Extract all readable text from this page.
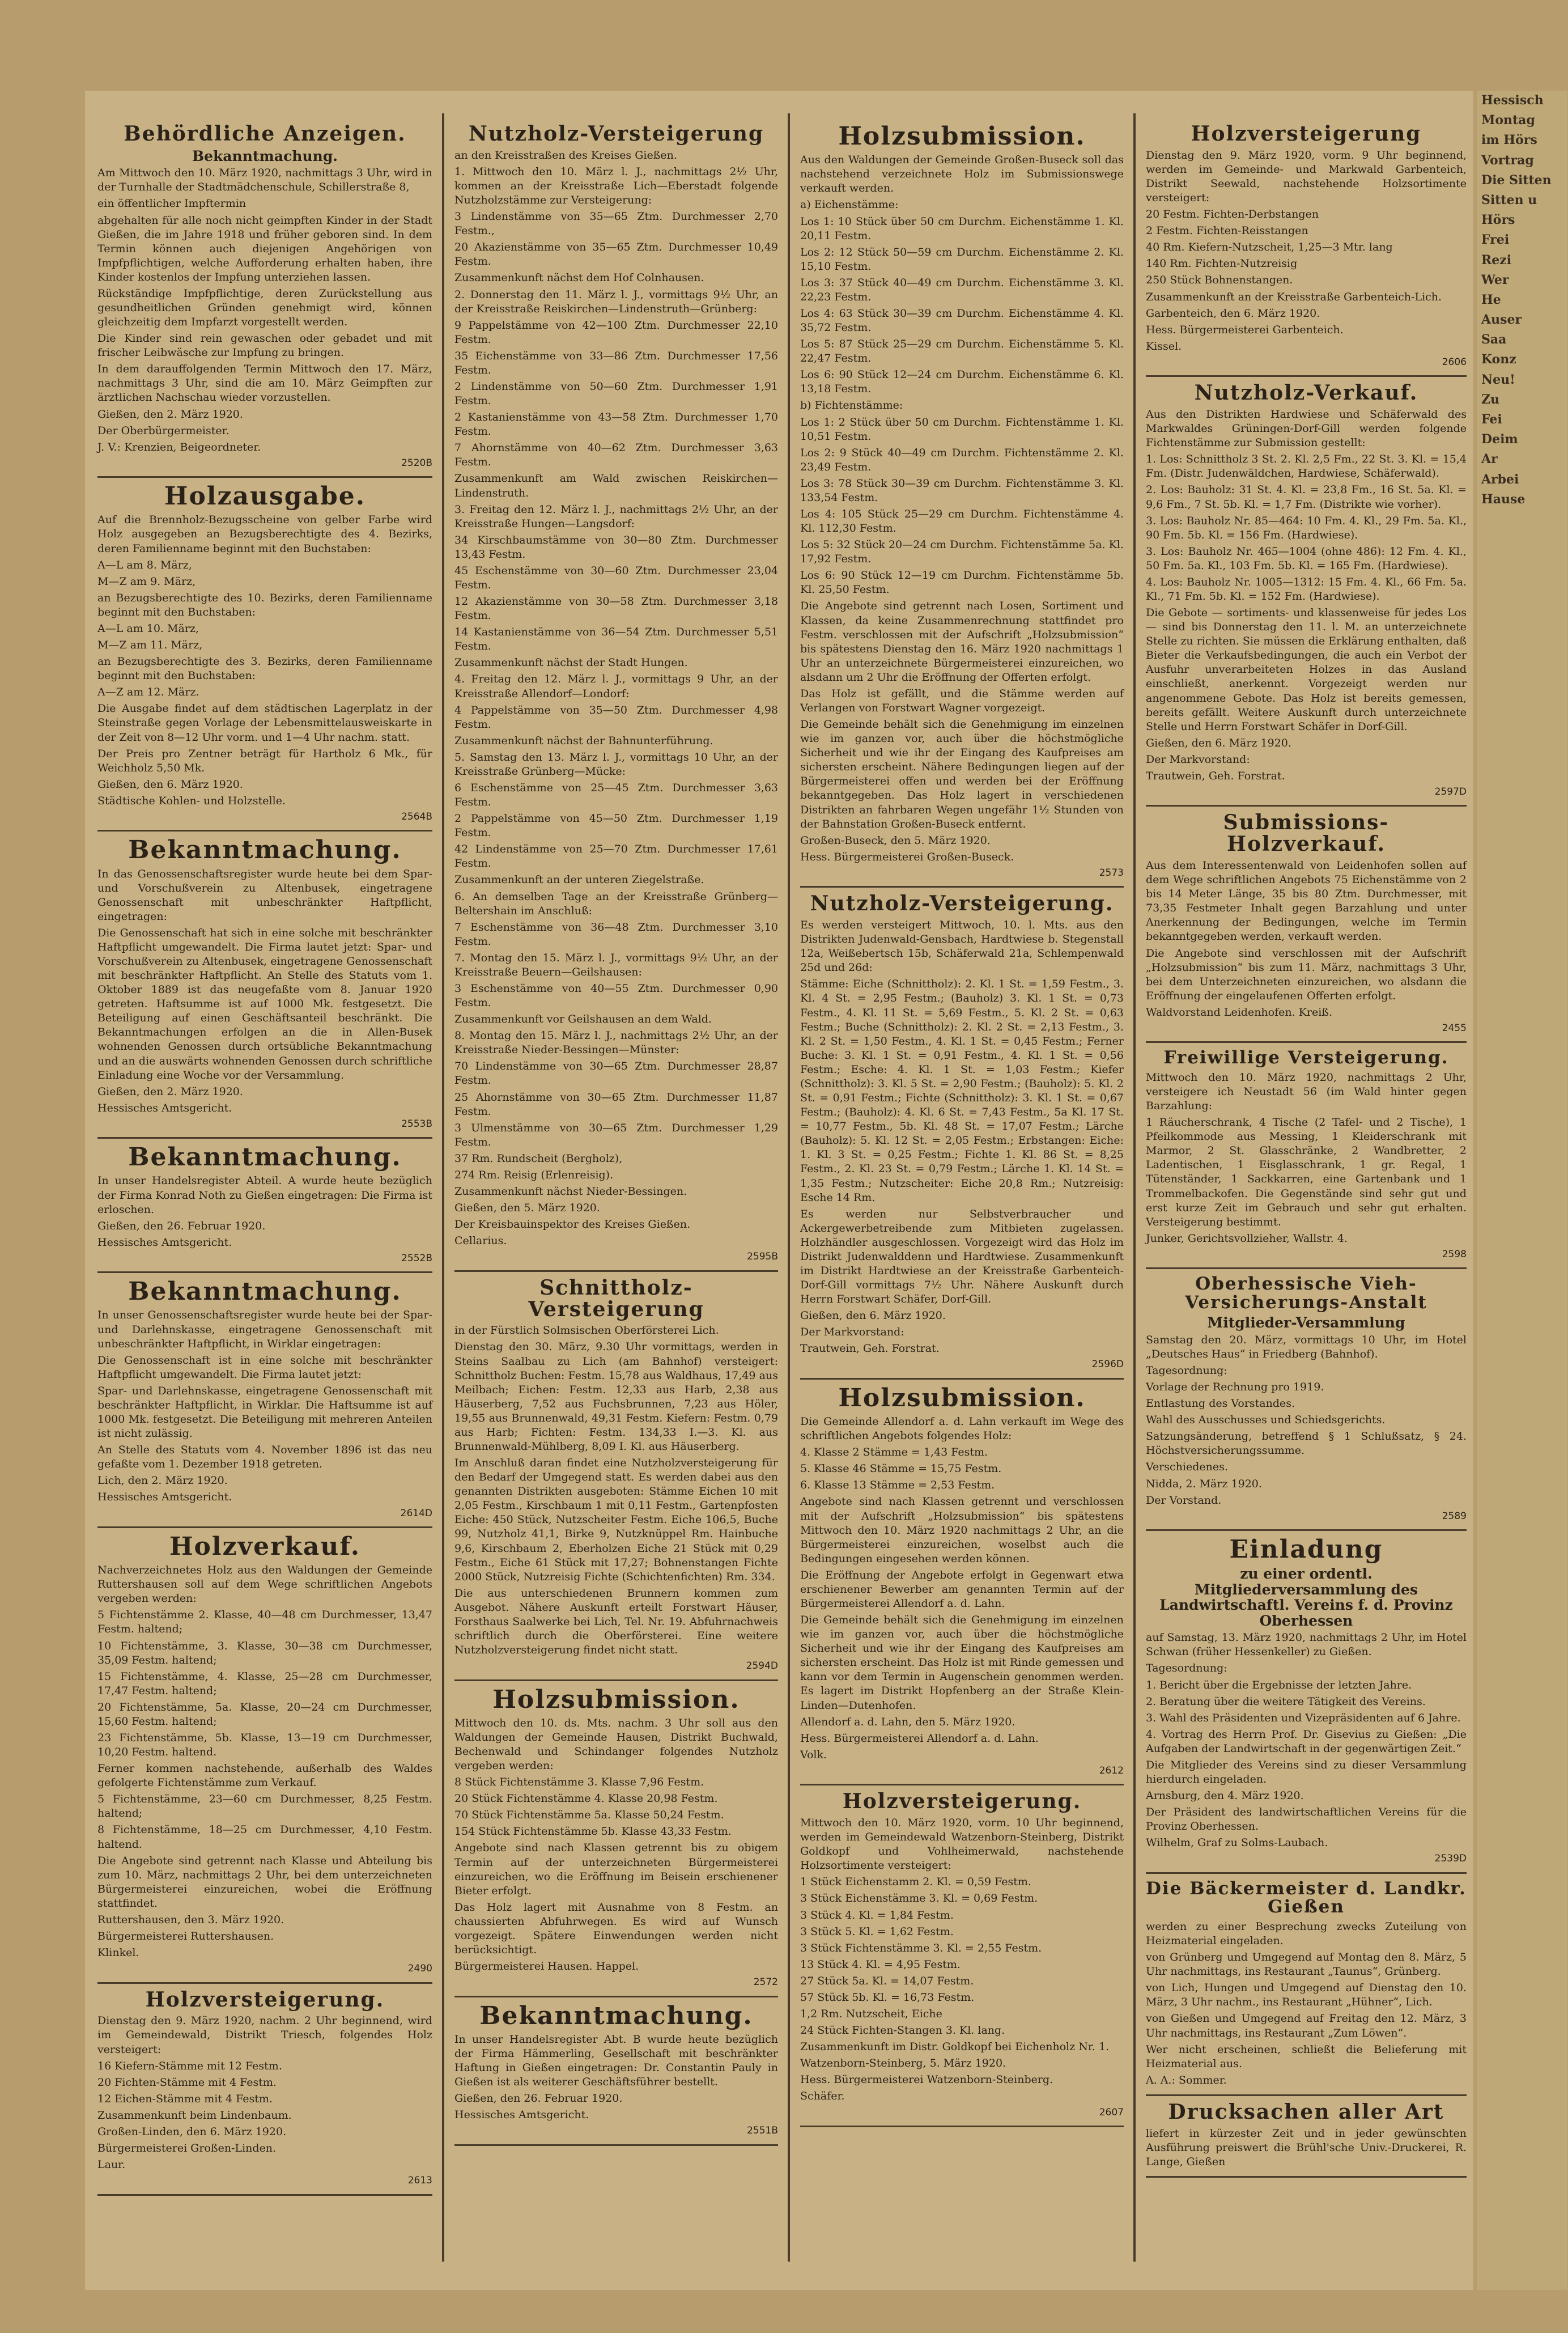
Behördliche Anzeigen.
Bekanntmachung.

Am Mittwoch den 10. März 1920, nachmittags 3 Uhr, wird in der Turnhalle der Stadtmädchenschule, Schillerstraße 8,

ein öffentlicher Impftermin

abgehalten für alle noch nicht geimpften Kinder in der Stadt Gießen, die im Jahre 1918 und früher geboren sind. In dem Termin können auch diejenigen Angehörigen von Impfpflichtigen, welche Aufforderung erhalten haben, ihre Kinder kostenlos der Impfung unterziehen lassen.

Rückständige Impfpflichtige, deren Zurückstellung aus gesundheitlichen Gründen genehmigt wird, können gleichzeitig dem Impfarzt vorgestellt werden.

Die Kinder sind rein gewaschen oder gebadet und mit frischer Leibwäsche zur Impfung zu bringen.

In dem darauffolgenden Termin Mittwoch den 17. März, nachmittags 3 Uhr, sind die am 10. März Geimpften zur ärztlichen Nachschau wieder vorzustellen.

Gießen, den 2. März 1920.

Der Oberbürgermeister.

J. V.: Krenzien, Beigeordneter.

2520B

Holzausgabe.

Auf die Brennholz-Bezugsscheine von gelber Farbe wird Holz ausgegeben an Bezugsberechtigte des 4. Bezirks, deren Familienname beginnt mit den Buchstaben:

A—L am 8. März,

M—Z am 9. März,

an Bezugsberechtigte des 10. Bezirks, deren Familienname beginnt mit den Buchstaben:

A—L am 10. März,

M—Z am 11. März,

an Bezugsberechtigte des 3. Bezirks, deren Familienname beginnt mit den Buchstaben:

A—Z am 12. März.

Die Ausgabe findet auf dem städtischen Lagerplatz in der Steinstraße gegen Vorlage der Lebensmittelausweiskarte in der Zeit von 8—12 Uhr vorm. und 1—4 Uhr nachm. statt.

Der Preis pro Zentner beträgt für Hartholz 6 Mk., für Weichholz 5,50 Mk.

Gießen, den 6. März 1920.

Städtische Kohlen- und Holzstelle.

2564B

Bekanntmachung.

In das Genossenschaftsregister wurde heute bei dem Spar- und Vorschußverein zu Altenbusek, eingetragene Genossenschaft mit unbeschränkter Haftpflicht, eingetragen:

Die Genossenschaft hat sich in eine solche mit beschränkter Haftpflicht umgewandelt. Die Firma lautet jetzt: Spar- und Vorschußverein zu Altenbusek, eingetragene Genossenschaft mit beschränkter Haftpflicht. An Stelle des Statuts vom 1. Oktober 1889 ist das neugefaßte vom 8. Januar 1920 getreten. Haftsumme ist auf 1000 Mk. festgesetzt. Die Beteiligung auf einen Geschäftsanteil beschränkt. Die Bekanntmachungen erfolgen an die in Allen-Busek wohnenden Genossen durch ortsübliche Bekanntmachung und an die auswärts wohnenden Genossen durch schriftliche Einladung eine Woche vor der Versammlung.

Gießen, den 2. März 1920.

Hessisches Amtsgericht.

2553B

Bekanntmachung.

In unser Handelsregister Abteil. A wurde heute bezüglich der Firma Konrad Noth zu Gießen eingetragen: Die Firma ist erloschen.

Gießen, den 26. Februar 1920.

Hessisches Amtsgericht.

2552B

Bekanntmachung.

In unser Genossenschaftsregister wurde heute bei der Spar- und Darlehnskasse, eingetragene Genossenschaft mit unbeschränkter Haftpflicht, in Wirklar eingetragen:

Die Genossenschaft ist in eine solche mit beschränkter Haftpflicht umgewandelt. Die Firma lautet jetzt:

Spar- und Darlehnskasse, eingetragene Genossenschaft mit beschränkter Haftpflicht, in Wirklar. Die Haftsumme ist auf 1000 Mk. festgesetzt. Die Beteiligung mit mehreren Anteilen ist nicht zulässig.

An Stelle des Statuts vom 4. November 1896 ist das neu gefaßte vom 1. Dezember 1918 getreten.

Lich, den 2. März 1920.

Hessisches Amtsgericht.

2614D

Holzverkauf.

Nachverzeichnetes Holz aus den Waldungen der Gemeinde Ruttershausen soll auf dem Wege schriftlichen Angebots vergeben werden:

5 Fichtenstämme 2. Klasse, 40—48 cm Durchmesser, 13,47 Festm. haltend;

10 Fichtenstämme, 3. Klasse, 30—38 cm Durchmesser, 35,09 Festm. haltend;

15 Fichtenstämme, 4. Klasse, 25—28 cm Durchmesser, 17,47 Festm. haltend;

20 Fichtenstämme, 5a. Klasse, 20—24 cm Durchmesser, 15,60 Festm. haltend;

23 Fichtenstämme, 5b. Klasse, 13—19 cm Durchmesser, 10,20 Festm. haltend.

Ferner kommen nachstehende, außerhalb des Waldes gefolgerte Fichtenstämme zum Verkauf.

5 Fichtenstämme, 23—60 cm Durchmesser, 8,25 Festm. haltend;

8 Fichtenstämme, 18—25 cm Durchmesser, 4,10 Festm. haltend.

Die Angebote sind getrennt nach Klasse und Abteilung bis zum 10. März, nachmittags 2 Uhr, bei dem unterzeichneten Bürgermeisterei einzureichen, wobei die Eröffnung stattfindet.

Ruttershausen, den 3. März 1920.

Bürgermeisterei Ruttershausen.

Klinkel.

2490

Holzversteigerung.

Dienstag den 9. März 1920, nachm. 2 Uhr beginnend, wird im Gemeindewald, Distrikt Triesch, folgendes Holz versteigert:

16 Kiefern-Stämme mit 12 Festm.

20 Fichten-Stämme mit 4 Festm.

12 Eichen-Stämme mit 4 Festm.

Zusammenkunft beim Lindenbaum.

Großen-Linden, den 6. März 1920.

Bürgermeisterei Großen-Linden.

Laur.

2613

Nutzholz-Versteigerung

an den Kreisstraßen des Kreises Gießen.

1. Mittwoch den 10. März l. J., nachmittags 2½ Uhr, kommen an der Kreisstraße Lich—Eberstadt folgende Nutzholzstämme zur Versteigerung:

3 Lindenstämme von 35—65 Ztm. Durchmesser 2,70 Festm.,

20 Akazienstämme von 35—65 Ztm. Durchmesser 10,49 Festm.

Zusammenkunft nächst dem Hof Colnhausen.

2. Donnerstag den 11. März l. J., vormittags 9½ Uhr, an der Kreisstraße Reiskirchen—Lindenstruth—Grünberg:

9 Pappelstämme von 42—100 Ztm. Durchmesser 22,10 Festm.

35 Eichenstämme von 33—86 Ztm. Durchmesser 17,56 Festm.

2 Lindenstämme von 50—60 Ztm. Durchmesser 1,91 Festm.

2 Kastanienstämme von 43—58 Ztm. Durchmesser 1,70 Festm.

7 Ahornstämme von 40—62 Ztm. Durchmesser 3,63 Festm.

Zusammenkunft am Wald zwischen Reiskirchen—Lindenstruth.

3. Freitag den 12. März l. J., nachmittags 2½ Uhr, an der Kreisstraße Hungen—Langsdorf:

34 Kirschbaumstämme von 30—80 Ztm. Durchmesser 13,43 Festm.

45 Eschenstämme von 30—60 Ztm. Durchmesser 23,04 Festm.

12 Akazienstämme von 30—58 Ztm. Durchmesser 3,18 Festm.

14 Kastanienstämme von 36—54 Ztm. Durchmesser 5,51 Festm.

Zusammenkunft nächst der Stadt Hungen.

4. Freitag den 12. März l. J., vormittags 9 Uhr, an der Kreisstraße Allendorf—Londorf:

4 Pappelstämme von 35—50 Ztm. Durchmesser 4,98 Festm.

Zusammenkunft nächst der Bahnunterführung.

5. Samstag den 13. März l. J., vormittags 10 Uhr, an der Kreisstraße Grünberg—Mücke:

6 Eschenstämme von 25—45 Ztm. Durchmesser 3,63 Festm.

2 Pappelstämme von 45—50 Ztm. Durchmesser 1,19 Festm.

42 Lindenstämme von 25—70 Ztm. Durchmesser 17,61 Festm.

Zusammenkunft an der unteren Ziegelstraße.

6. An demselben Tage an der Kreisstraße Grünberg—Beltershain im Anschluß:

7 Eschenstämme von 36—48 Ztm. Durchmesser 3,10 Festm.

7. Montag den 15. März l. J., vormittags 9½ Uhr, an der Kreisstraße Beuern—Geilshausen:

3 Eschenstämme von 40—55 Ztm. Durchmesser 0,90 Festm.

Zusammenkunft vor Geilshausen an dem Wald.

8. Montag den 15. März l. J., nachmittags 2½ Uhr, an der Kreisstraße Nieder-Bessingen—Münster:

70 Lindenstämme von 30—65 Ztm. Durchmesser 28,87 Festm.

25 Ahornstämme von 30—65 Ztm. Durchmesser 11,87 Festm.

3 Ulmenstämme von 30—65 Ztm. Durchmesser 1,29 Festm.

37 Rm. Rundscheit (Bergholz),

274 Rm. Reisig (Erlenreisig).

Zusammenkunft nächst Nieder-Bessingen.

Gießen, den 5. März 1920.

Der Kreisbauinspektor des Kreises Gießen.

Cellarius.

2595B

Schnittholz-Versteigerung

in der Fürstlich Solmsischen Oberförsterei Lich.

Dienstag den 30. März, 9.30 Uhr vormittags, werden in Steins Saalbau zu Lich (am Bahnhof) versteigert: Schnittholz Buchen: Festm. 15,78 aus Waldhaus, 17,49 aus Meilbach; Eichen: Festm. 12,33 aus Harb, 2,38 aus Häuserberg, 7,52 aus Fuchsbrunnen, 7,23 aus Höler, 19,55 aus Brunnenwald, 49,31 Festm. Kiefern: Festm. 0,79 aus Harb; Fichten: Festm. 134,33 I.—3. Kl. aus Brunnenwald-Mühlberg, 8,09 I. Kl. aus Häuserberg.

Im Anschluß daran findet eine Nutzholzversteigerung für den Bedarf der Umgegend statt. Es werden dabei aus den genannten Distrikten ausgeboten: Stämme Eichen 10 mit 2,05 Festm., Kirschbaum 1 mit 0,11 Festm., Gartenpfosten Eiche: 450 Stück, Nutzscheiter Festm. Eiche 106,5, Buche 99, Nutzholz 41,1, Birke 9, Nutzknüppel Rm. Hainbuche 9,6, Kirschbaum 2, Eberholzen Eiche 21 Stück mit 0,29 Festm., Eiche 61 Stück mit 17,27; Bohnenstangen Fichte 2000 Stück, Nutzreisig Fichte (Schichtenfichten) Rm. 334.

Die aus unterschiedenen Brunnern kommen zum Ausgebot. Nähere Auskunft erteilt Forstwart Häuser, Forsthaus Saalwerke bei Lich, Tel. Nr. 19. Abfuhrnachweis schriftlich durch die Oberförsterei. Eine weitere Nutzholzversteigerung findet nicht statt.

2594D

Holzsubmission.

Mittwoch den 10. ds. Mts. nachm. 3 Uhr soll aus den Waldungen der Gemeinde Hausen, Distrikt Buchwald, Bechenwald und Schindanger folgendes Nutzholz vergeben werden:

8 Stück Fichtenstämme 3. Klasse 7,96 Festm.

20 Stück Fichtenstämme 4. Klasse 20,98 Festm.

70 Stück Fichtenstämme 5a. Klasse 50,24 Festm.

154 Stück Fichtenstämme 5b. Klasse 43,33 Festm.

Angebote sind nach Klassen getrennt bis zu obigem Termin auf der unterzeichneten Bürgermeisterei einzureichen, wo die Eröffnung im Beisein erschienener Bieter erfolgt.

Das Holz lagert mit Ausnahme von 8 Festm. an chaussierten Abfuhrwegen. Es wird auf Wunsch vorgezeigt. Spätere Einwendungen werden nicht berücksichtigt.

Bürgermeisterei Hausen. Happel.

2572

Bekanntmachung.

In unser Handelsregister Abt. B wurde heute bezüglich der Firma Hämmerling, Gesellschaft mit beschränkter Haftung in Gießen eingetragen: Dr. Constantin Pauly in Gießen ist als weiterer Geschäftsführer bestellt.

Gießen, den 26. Februar 1920.

Hessisches Amtsgericht.

2551B

Holzsubmission.

Aus den Waldungen der Gemeinde Großen-Buseck soll das nachstehend verzeichnete Holz im Submissionswege verkauft werden.

a) Eichenstämme:

Los 1: 10 Stück über 50 cm Durchm. Eichenstämme 1. Kl. 20,11 Festm.

Los 2: 12 Stück 50—59 cm Durchm. Eichenstämme 2. Kl. 15,10 Festm.

Los 3: 37 Stück 40—49 cm Durchm. Eichenstämme 3. Kl. 22,23 Festm.

Los 4: 63 Stück 30—39 cm Durchm. Eichenstämme 4. Kl. 35,72 Festm.

Los 5: 87 Stück 25—29 cm Durchm. Eichenstämme 5. Kl. 22,47 Festm.

Los 6: 90 Stück 12—24 cm Durchm. Eichenstämme 6. Kl. 13,18 Festm.

b) Fichtenstämme:

Los 1: 2 Stück über 50 cm Durchm. Fichtenstämme 1. Kl. 10,51 Festm.

Los 2: 9 Stück 40—49 cm Durchm. Fichtenstämme 2. Kl. 23,49 Festm.

Los 3: 78 Stück 30—39 cm Durchm. Fichtenstämme 3. Kl. 133,54 Festm.

Los 4: 105 Stück 25—29 cm Durchm. Fichtenstämme 4. Kl. 112,30 Festm.

Los 5: 32 Stück 20—24 cm Durchm. Fichtenstämme 5a. Kl. 17,92 Festm.

Los 6: 90 Stück 12—19 cm Durchm. Fichtenstämme 5b. Kl. 25,50 Festm.

Die Angebote sind getrennt nach Losen, Sortiment und Klassen, da keine Zusammenrechnung stattfindet pro Festm. verschlossen mit der Aufschrift „Holzsubmission“ bis spätestens Dienstag den 16. März 1920 nachmittags 1 Uhr an unterzeichnete Bürgermeisterei einzureichen, wo alsdann um 2 Uhr die Eröffnung der Offerten erfolgt.

Das Holz ist gefällt, und die Stämme werden auf Verlangen von Forstwart Wagner vorgezeigt.

Die Gemeinde behält sich die Genehmigung im einzelnen wie im ganzen vor, auch über die höchstmögliche Sicherheit und wie ihr der Eingang des Kaufpreises am sichersten erscheint. Nähere Bedingungen liegen auf der Bürgermeisterei offen und werden bei der Eröffnung bekanntgegeben. Das Holz lagert in verschiedenen Distrikten an fahrbaren Wegen ungefähr 1½ Stunden von der Bahnstation Großen-Buseck entfernt.

Großen-Buseck, den 5. März 1920.

Hess. Bürgermeisterei Großen-Buseck.

2573

Nutzholz-Versteigerung.

Es werden versteigert Mittwoch, 10. l. Mts. aus den Distrikten Judenwald-Gensbach, Hardtwiese b. Stegenstall 12a, Weißebertsch 15b, Schäferwald 21a, Schlempenwald 25d und 26d:

Stämme: Eiche (Schnittholz): 2. Kl. 1 St. = 1,59 Festm., 3. Kl. 4 St. = 2,95 Festm.; (Bauholz) 3. Kl. 1 St. = 0,73 Festm., 4. Kl. 11 St. = 5,69 Festm., 5. Kl. 2 St. = 0,63 Festm.; Buche (Schnittholz): 2. Kl. 2 St. = 2,13 Festm., 3. Kl. 2 St. = 1,50 Festm., 4. Kl. 1 St. = 0,45 Festm.; Ferner Buche: 3. Kl. 1 St. = 0,91 Festm., 4. Kl. 1 St. = 0,56 Festm.; Esche: 4. Kl. 1 St. = 1,03 Festm.; Kiefer (Schnittholz): 3. Kl. 5 St. = 2,90 Festm.; (Bauholz): 5. Kl. 2 St. = 0,91 Festm.; Fichte (Schnittholz): 3. Kl. 1 St. = 0,67 Festm.; (Bauholz): 4. Kl. 6 St. = 7,43 Festm., 5a Kl. 17 St. = 10,77 Festm., 5b. Kl. 48 St. = 17,07 Festm.; Lärche (Bauholz): 5. Kl. 12 St. = 2,05 Festm.; Erbstangen: Eiche: 1. Kl. 3 St. = 0,25 Festm.; Fichte 1. Kl. 86 St. = 8,25 Festm., 2. Kl. 23 St. = 0,79 Festm.; Lärche 1. Kl. 14 St. = 1,35 Festm.; Nutzscheiter: Eiche 20,8 Rm.; Nutzreisig: Esche 14 Rm.

Es werden nur Selbstverbraucher und Ackergewerbetreibende zum Mitbieten zugelassen. Holzhändler ausgeschlossen. Vorgezeigt wird das Holz im Distrikt Judenwalddenn und Hardtwiese. Zusammenkunft im Distrikt Hardtwiese an der Kreisstraße Garbenteich-Dorf-Gill vormittags 7½ Uhr. Nähere Auskunft durch Herrn Forstwart Schäfer, Dorf-Gill.

Gießen, den 6. März 1920.

Der Markvorstand:

Trautwein, Geh. Forstrat.

2596D

Holzsubmission.

Die Gemeinde Allendorf a. d. Lahn verkauft im Wege des schriftlichen Angebots folgendes Holz:

4. Klasse 2 Stämme = 1,43 Festm.

5. Klasse 46 Stämme = 15,75 Festm.

6. Klasse 13 Stämme = 2,53 Festm.

Angebote sind nach Klassen getrennt und verschlossen mit der Aufschrift „Holzsubmission“ bis spätestens Mittwoch den 10. März 1920 nachmittags 2 Uhr, an die Bürgermeisterei einzureichen, woselbst auch die Bedingungen eingesehen werden können.

Die Eröffnung der Angebote erfolgt in Gegenwart etwa erschienener Bewerber am genannten Termin auf der Bürgermeisterei Allendorf a. d. Lahn.

Die Gemeinde behält sich die Genehmigung im einzelnen wie im ganzen vor, auch über die höchstmögliche Sicherheit und wie ihr der Eingang des Kaufpreises am sichersten erscheint. Das Holz ist mit Rinde gemessen und kann vor dem Termin in Augenschein genommen werden. Es lagert im Distrikt Hopfenberg an der Straße Klein-Linden—Dutenhofen.

Allendorf a. d. Lahn, den 5. März 1920.

Hess. Bürgermeisterei Allendorf a. d. Lahn.

Volk.

2612

Holzversteigerung.

Mittwoch den 10. März 1920, vorm. 10 Uhr beginnend, werden im Gemeindewald Watzenborn-Steinberg, Distrikt Goldkopf und Vohlheimerwald, nachstehende Holzsortimente versteigert:

1 Stück Eichenstamm 2. Kl. = 0,59 Festm.

3 Stück Eichenstämme 3. Kl. = 0,69 Festm.

3 Stück 4. Kl. = 1,84 Festm.

3 Stück 5. Kl. = 1,62 Festm.

3 Stück Fichtenstämme 3. Kl. = 2,55 Festm.

13 Stück 4. Kl. = 4,95 Festm.

27 Stück 5a. Kl. = 14,07 Festm.

57 Stück 5b. Kl. = 16,73 Festm.

1,2 Rm. Nutzscheit, Eiche

24 Stück Fichten-Stangen 3. Kl. lang.

Zusammenkunft im Distr. Goldkopf bei Eichenholz Nr. 1.

Watzenborn-Steinberg, 5. März 1920.

Hess. Bürgermeisterei Watzenborn-Steinberg.

Schäfer.

2607

Holzversteigerung

Dienstag den 9. März 1920, vorm. 9 Uhr beginnend, werden im Gemeinde- und Markwald Garbenteich, Distrikt Seewald, nachstehende Holzsortimente versteigert:

20 Festm. Fichten-Derbstangen

2 Festm. Fichten-Reisstangen

40 Rm. Kiefern-Nutzscheit, 1,25—3 Mtr. lang

140 Rm. Fichten-Nutzreisig

250 Stück Bohnenstangen.

Zusammenkunft an der Kreisstraße Garbenteich-Lich.

Garbenteich, den 6. März 1920.

Hess. Bürgermeisterei Garbenteich.

Kissel.

2606

Nutzholz-Verkauf.

Aus den Distrikten Hardwiese und Schäferwald des Markwaldes Grüningen-Dorf-Gill werden folgende Fichtenstämme zur Submission gestellt:

1. Los: Schnittholz 3 St. 2. Kl. 2,5 Fm., 22 St. 3. Kl. = 15,4 Fm. (Distr. Judenwäldchen, Hardwiese, Schäferwald).

2. Los: Bauholz: 31 St. 4. Kl. = 23,8 Fm., 16 St. 5a. Kl. = 9,6 Fm., 7 St. 5b. Kl. = 1,7 Fm. (Distrikte wie vorher).

3. Los: Bauholz Nr. 85—464: 10 Fm. 4. Kl., 29 Fm. 5a. Kl., 90 Fm. 5b. Kl. = 156 Fm. (Hardwiese).

3. Los: Bauholz Nr. 465—1004 (ohne 486): 12 Fm. 4. Kl., 50 Fm. 5a. Kl., 103 Fm. 5b. Kl. = 165 Fm. (Hardwiese).

4. Los: Bauholz Nr. 1005—1312: 15 Fm. 4. Kl., 66 Fm. 5a. Kl., 71 Fm. 5b. Kl. = 152 Fm. (Hardwiese).

Die Gebote — sortiments- und klassenweise für jedes Los — sind bis Donnerstag den 11. l. M. an unterzeichnete Stelle zu richten. Sie müssen die Erklärung enthalten, daß Bieter die Verkaufsbedingungen, die auch ein Verbot der Ausfuhr unverarbeiteten Holzes in das Ausland einschließt, anerkennt. Vorgezeigt werden nur angenommene Gebote. Das Holz ist bereits gemessen, bereits gefällt. Weitere Auskunft durch unterzeichnete Stelle und Herrn Forstwart Schäfer in Dorf-Gill.

Gießen, den 6. März 1920.

Der Markvorstand:

Trautwein, Geh. Forstrat.

2597D

Submissions-Holzverkauf.

Aus dem Interessentenwald von Leidenhofen sollen auf dem Wege schriftlichen Angebots 75 Eichenstämme von 2 bis 14 Meter Länge, 35 bis 80 Ztm. Durchmesser, mit 73,35 Festmeter Inhalt gegen Barzahlung und unter Anerkennung der Bedingungen, welche im Termin bekanntgegeben werden, verkauft werden.

Die Angebote sind verschlossen mit der Aufschrift „Holzsubmission“ bis zum 11. März, nachmittags 3 Uhr, bei dem Unterzeichneten einzureichen, wo alsdann die Eröffnung der eingelaufenen Offerten erfolgt.

Waldvorstand Leidenhofen. Kreiß.

2455

Freiwillige Versteigerung.

Mittwoch den 10. März 1920, nachmittags 2 Uhr, versteigere ich Neustadt 56 (im Wald hinter gegen Barzahlung:

1 Räucherschrank, 4 Tische (2 Tafel- und 2 Tische), 1 Pfeilkommode aus Messing, 1 Kleiderschrank mit Marmor, 2 St. Glasschränke, 2 Wandbretter, 2 Ladentischen, 1 Eisglasschrank, 1 gr. Regal, 1 Tütenständer, 1 Sackkarren, eine Gartenbank und 1 Trommelbackofen. Die Gegenstände sind sehr gut und erst kurze Zeit im Gebrauch und sehr gut erhalten. Versteigerung bestimmt.

Junker, Gerichtsvollzieher, Wallstr. 4.

2598

Oberhessische Vieh-Versicherungs-Anstalt
Mitglieder-Versammlung

Samstag den 20. März, vormittags 10 Uhr, im Hotel „Deutsches Haus“ in Friedberg (Bahnhof).

Tagesordnung:

Vorlage der Rechnung pro 1919.

Entlastung des Vorstandes.

Wahl des Ausschusses und Schiedsgerichts.

Satzungsänderung, betreffend § 1 Schlußsatz, § 24. Höchstversicherungssumme.

Verschiedenes.

Nidda, 2. März 1920.

Der Vorstand.

2589

Einladung
zu einer ordentl. Mitgliederversammlung des Landwirtschaftl. Vereins f. d. Provinz Oberhessen

auf Samstag, 13. März 1920, nachmittags 2 Uhr, im Hotel Schwan (früher Hessenkeller) zu Gießen.

Tagesordnung:

1. Bericht über die Ergebnisse der letzten Jahre.

2. Beratung über die weitere Tätigkeit des Vereins.

3. Wahl des Präsidenten und Vizepräsidenten auf 6 Jahre.

4. Vortrag des Herrn Prof. Dr. Gisevius zu Gießen: „Die Aufgaben der Landwirtschaft in der gegenwärtigen Zeit.“

Die Mitglieder des Vereins sind zu dieser Versammlung hierdurch eingeladen.

Arnsburg, den 4. März 1920.

Der Präsident des landwirtschaftlichen Vereins für die Provinz Oberhessen.

Wilhelm, Graf zu Solms-Laubach.

2539D

Die Bäckermeister d. Landkr. Gießen

werden zu einer Besprechung zwecks Zuteilung von Heizmaterial eingeladen.

von Grünberg und Umgegend auf Montag den 8. März, 5 Uhr nachmittags, ins Restaurant „Taunus“, Grünberg.

von Lich, Hungen und Umgegend auf Dienstag den 10. März, 3 Uhr nachm., ins Restaurant „Hühner“, Lich.

von Gießen und Umgegend auf Freitag den 12. März, 3 Uhr nachmittags, ins Restaurant „Zum Löwen“.

Wer nicht erscheinen, schließt die Belieferung mit Heizmaterial aus.

A. A.: Sommer.

Drucksachen aller Art

liefert in kürzester Zeit und in jeder gewünschten Ausführung preiswert die Brühl'sche Univ.-Druckerei, R. Lange, Gießen

Hessisch
Montag
im Hörs
Vortrag
Die Sitten
Sitten u
Hörs
Frei
Rezi
Wer
He
Auser
Saa
Konz
Neu!
Zu
Fei
Deim
Ar
Arbei
Hause
